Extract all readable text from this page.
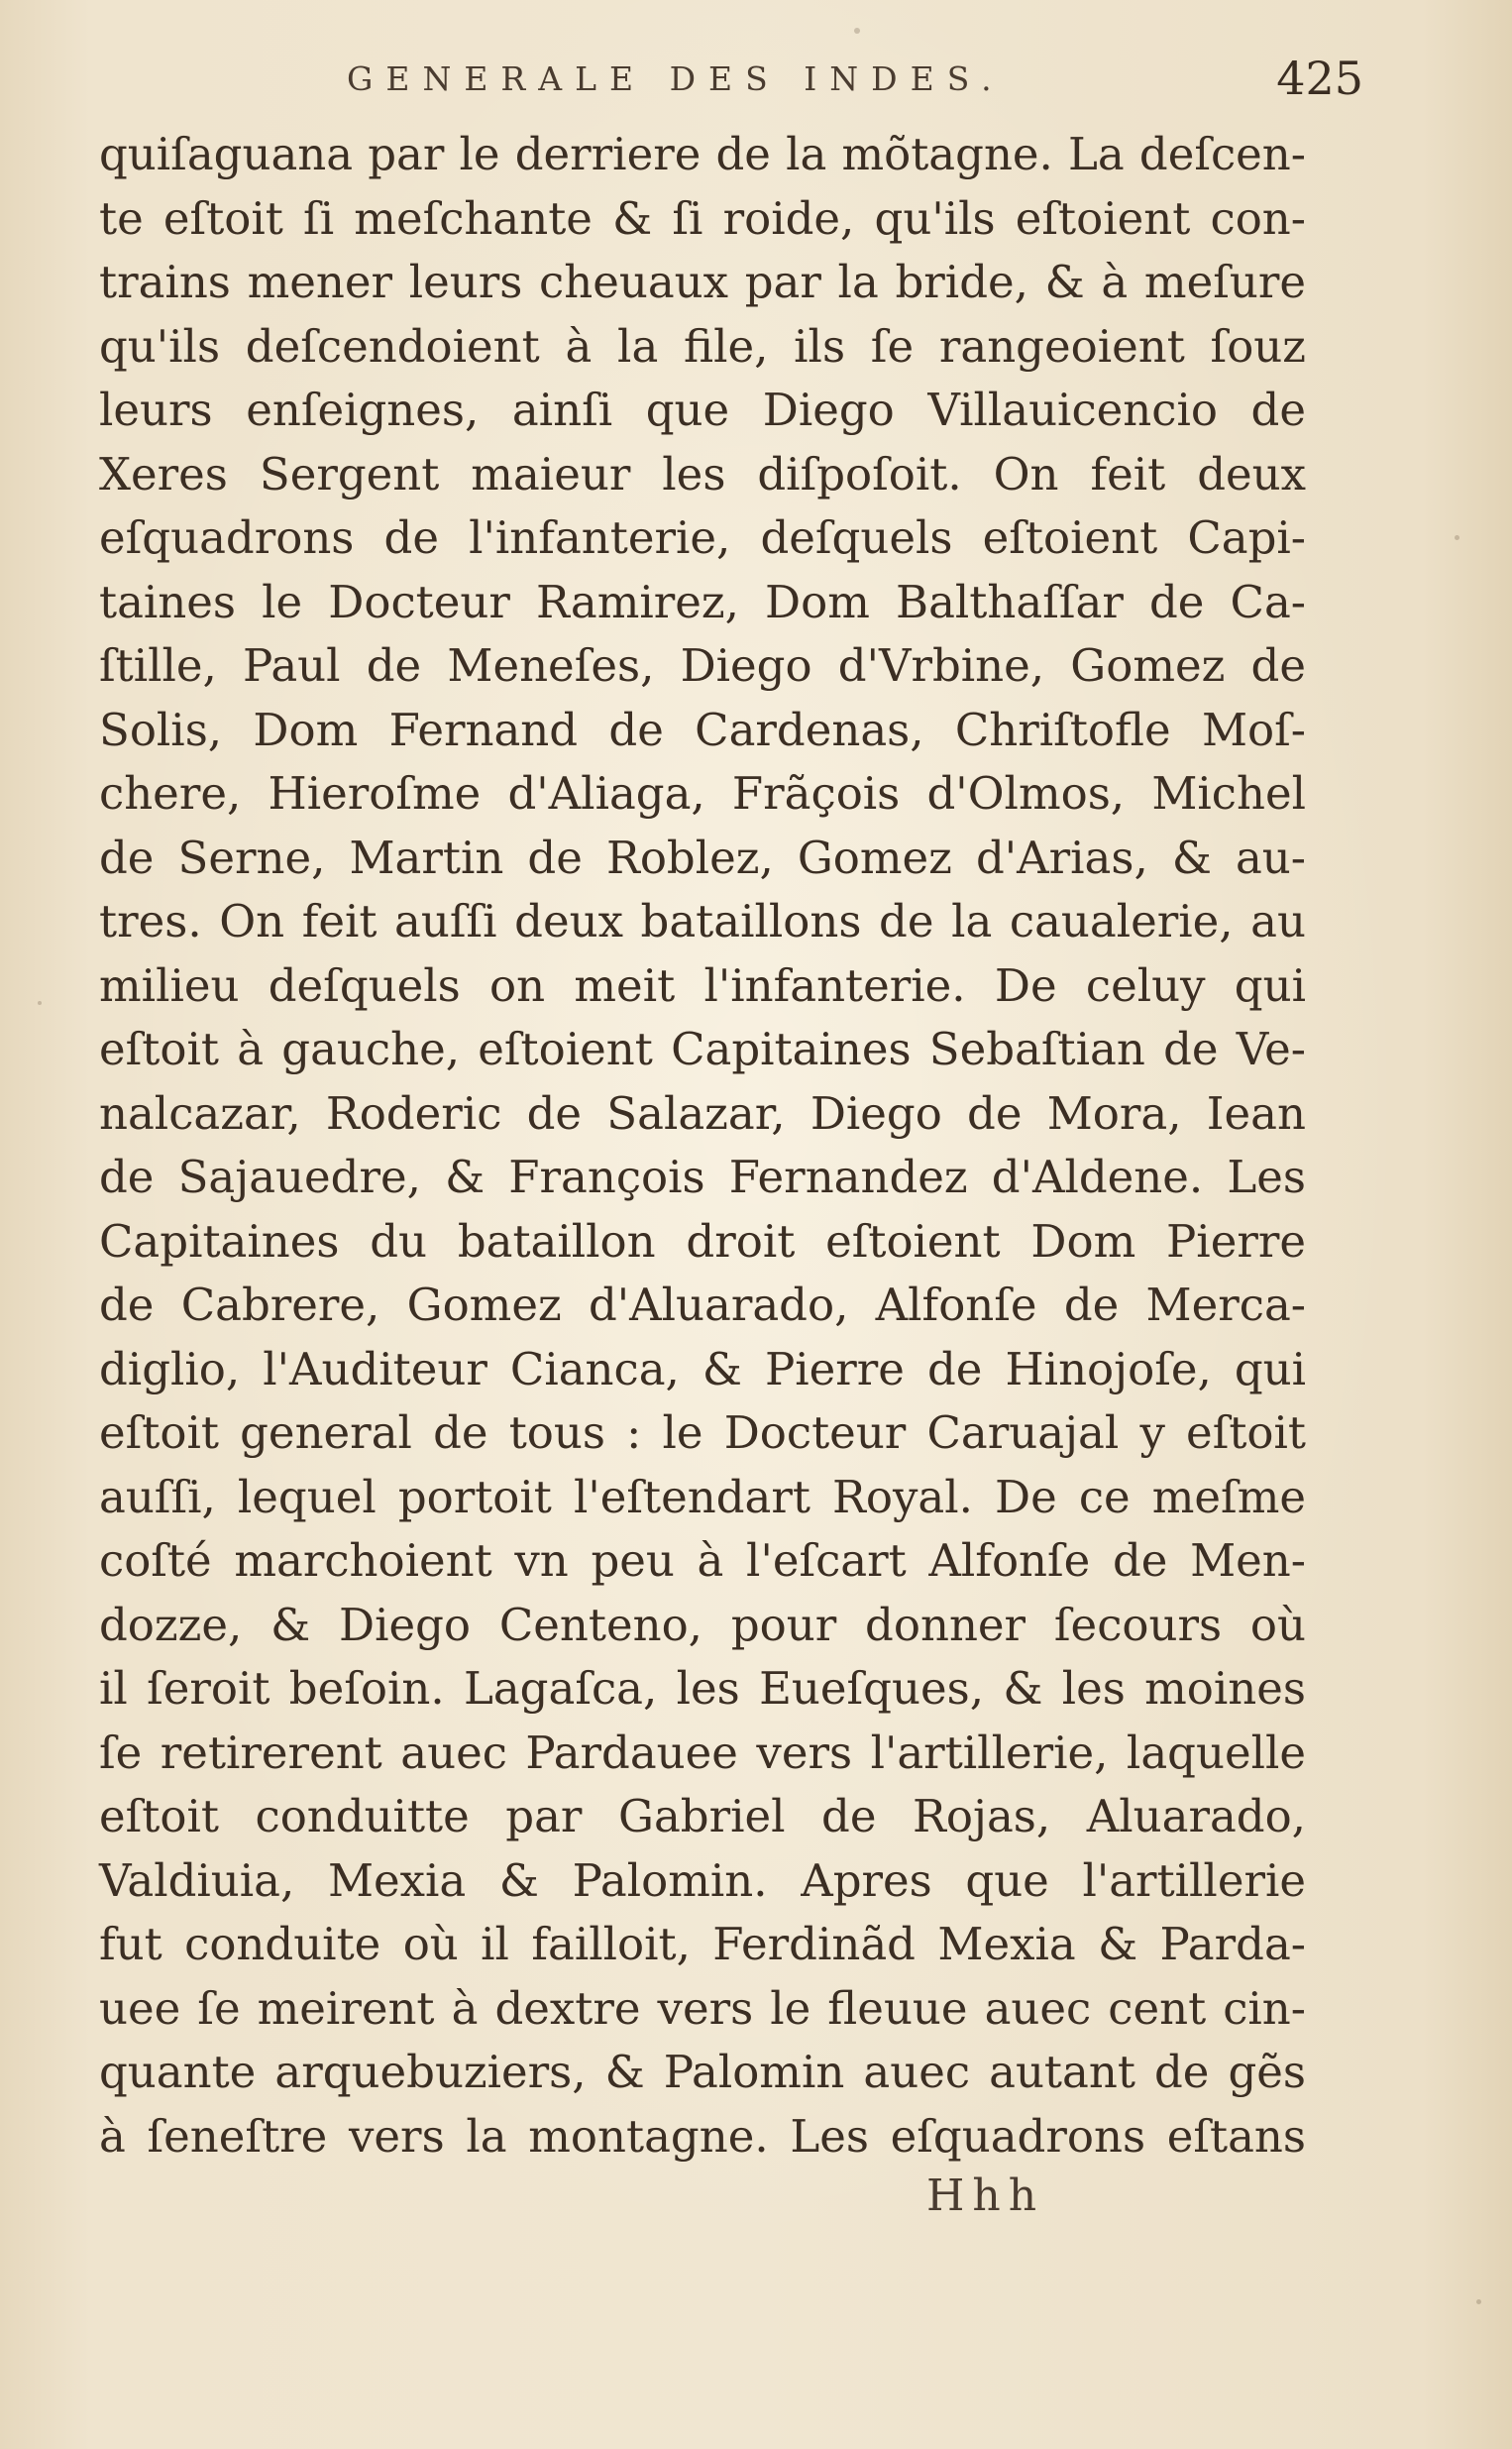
GENERALE DES INDES.	425
quiſaguana par le derriere de la mõtagne. La deſcen-
te eſtoit ſi meſchante & ſi roide, qu'ils eſtoient con-
trains mener leurs cheuaux par la bride, & à meſure
qu'ils deſcendoient à la file, ils ſe rangeoient ſouz
leurs enſeignes, ainſi que Diego Villauicencio de
Xeres Sergent maieur les diſpoſoit. On feit deux
eſquadrons de l'infanterie, deſquels eſtoient Capi-
taines le Docteur Ramirez, Dom Balthaſſar de Ca-
ſtille, Paul de Meneſes, Diego d'Vrbine, Gomez de
Solis, Dom Fernand de Cardenas, Chriſtofle Moſ-
chere, Hieroſme d'Aliaga, Frãçois d'Olmos, Michel
de Serne, Martin de Roblez, Gomez d'Arias, & au-
tres. On feit auſſi deux bataillons de la caualerie, au
milieu deſquels on meit l'infanterie. De celuy qui
eſtoit à gauche, eſtoient Capitaines Sebaſtian de Ve-
nalcazar, Roderic de Salazar, Diego de Mora, Iean
de Sajauedre, & François Fernandez d'Aldene. Les
Capitaines du bataillon droit eſtoient Dom Pierre
de Cabrere, Gomez d'Aluarado, Alfonſe de Merca-
diglio, l'Auditeur Cianca, & Pierre de Hinojoſe, qui
eſtoit general de tous : le Docteur Caruajal y eſtoit
auſſi, lequel portoit l'eſtendart Royal. De ce meſme
coſté marchoient vn peu à l'eſcart Alfonſe de Men-
dozze, & Diego Centeno, pour donner ſecours où
il ſeroit beſoin. Lagaſca, les Eueſques, & les moines
ſe retirerent auec Pardauee vers l'artillerie, laquelle
eſtoit conduitte par Gabriel de Rojas, Aluarado,
Valdiuia, Mexia & Palomin. Apres que l'artillerie
fut conduite où il failloit, Ferdinãd Mexia & Parda-
uee ſe meirent à dextre vers le fleuue auec cent cin-
quante arquebuziers, & Palomin auec autant de gẽs
à ſeneſtre vers la montagne. Les eſquadrons eſtans
Hhh
